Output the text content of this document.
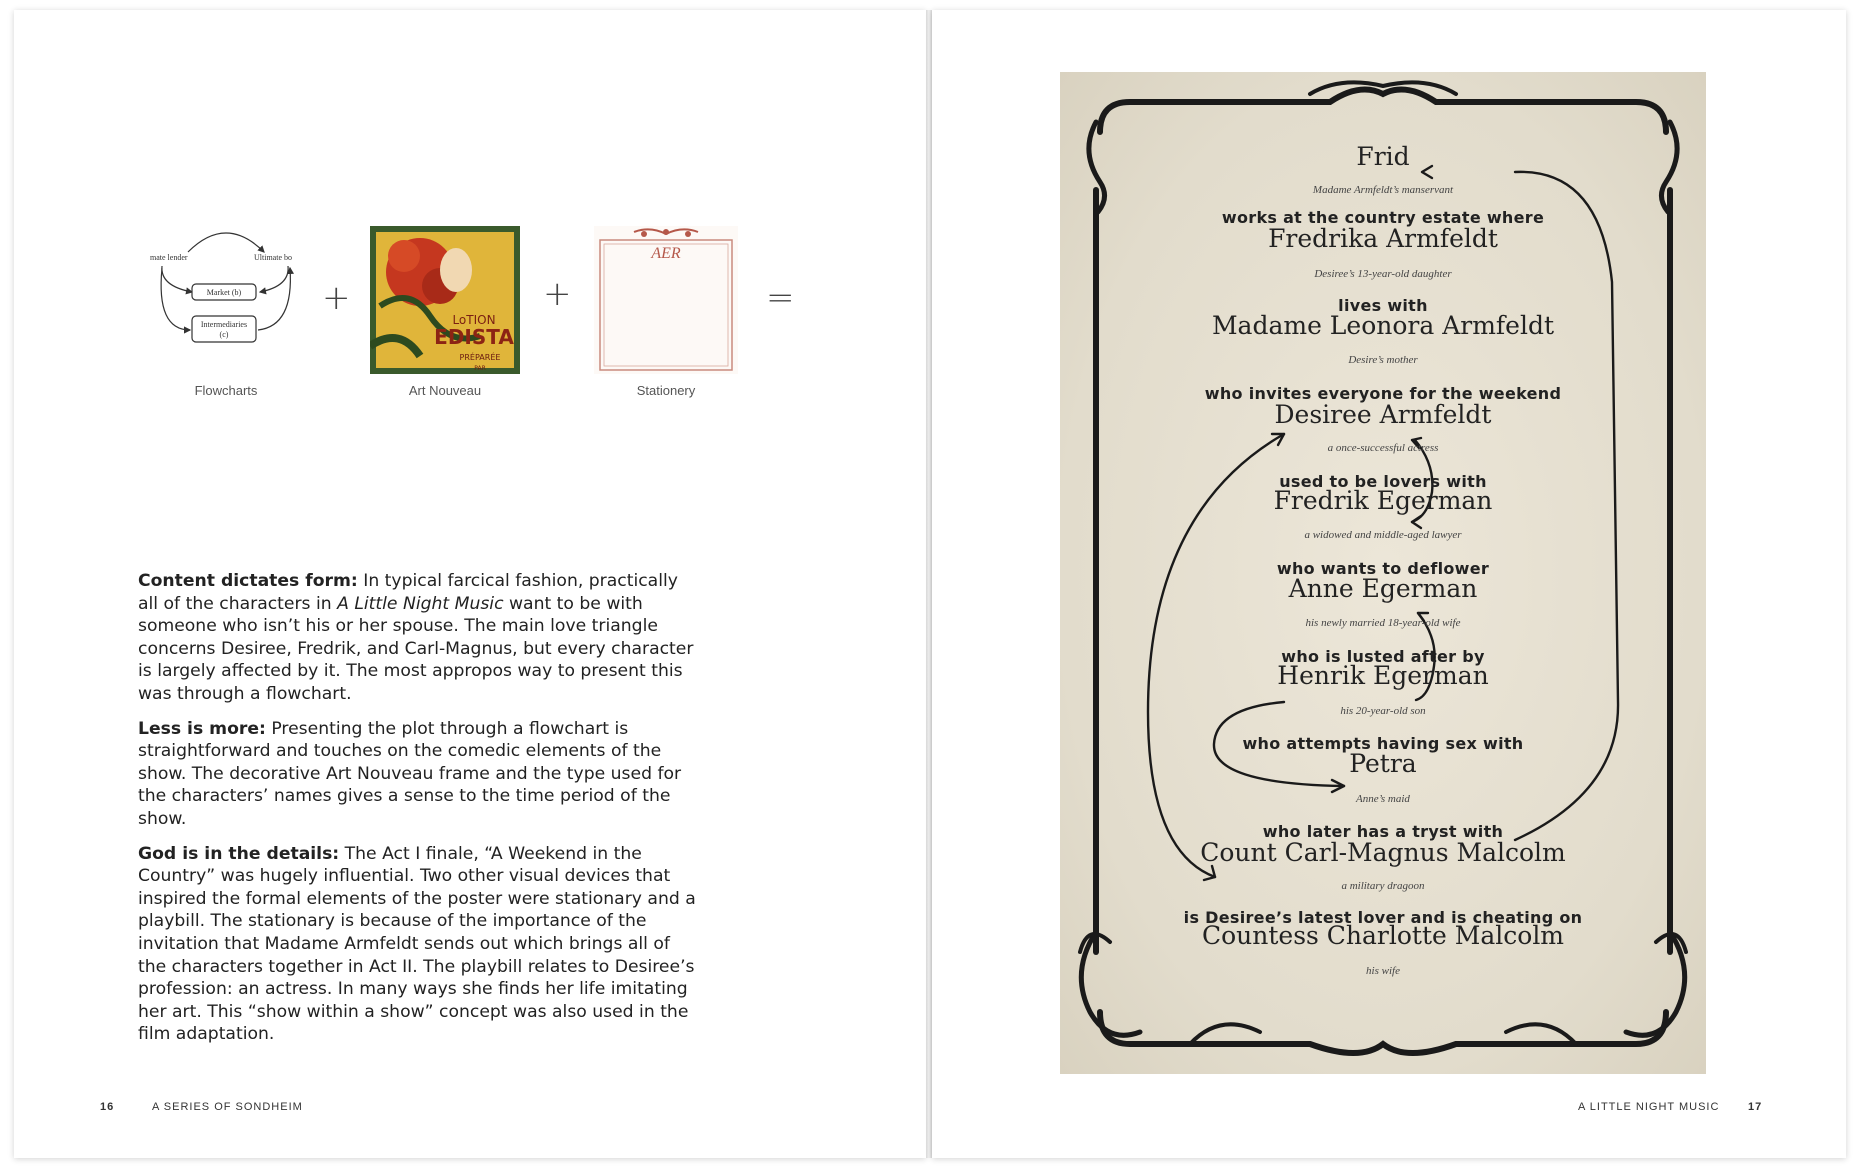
mate lender	Ultimate bo
Market (b)
Intermediaries
(c)
Flowcharts
+
LoTION
EDISTA
PRÉPARÉE
PAR
Art Nouveau
+
AER
Stationery
=

Content dictates form: In typical farcical fashion, practically all of the characters in A Little Night Music want to be with someone who isn’t his or her spouse. The main love triangle concerns Desiree, Fredrik, and Carl-Magnus, but every character is largely affected by it. The most appropos way to present this was through a flowchart.

Less is more: Presenting the plot through a flowchart is straightforward and touches on the comedic elements of the show. The decorative Art Nouveau frame and the type used for the characters’ names gives a sense to the time period of the show.

God is in the details: The Act I finale, “A Weekend in the Country” was hugely influential. Two other visual devices that inspired the formal elements of the poster were stationary and a playbill. The stationary is because of the importance of the invitation that Madame Armfeldt sends out which brings all of the characters together in Act II. The playbill relates to Desiree’s profession: an actress. In many ways she finds her life imitating her art. This “show within a show” concept was also used in the film adaptation.

16	A SERIES OF SONDHEIM	A LITTLE NIGHT MUSIC	17
Frid
Madame Armfeldt’s manservant
works at the country estate where
Fredrika Armfeldt
Desiree’s 13-year-old daughter
lives with
Madame Leonora Armfeldt
Desire’s mother
who invites everyone for the weekend
Desiree Armfeldt
a once-successful actress
used to be lovers with
Fredrik Egerman
a widowed and middle-aged lawyer
who wants to deflower
Anne Egerman
his newly married 18-year-old wife
who is lusted after by
Henrik Egerman
his 20-year-old son
who attempts having sex with
Petra
Anne’s maid
who later has a tryst with
Count Carl-Magnus Malcolm
a military dragoon
is Desiree’s latest lover and is cheating on
Countess Charlotte Malcolm
his wife
